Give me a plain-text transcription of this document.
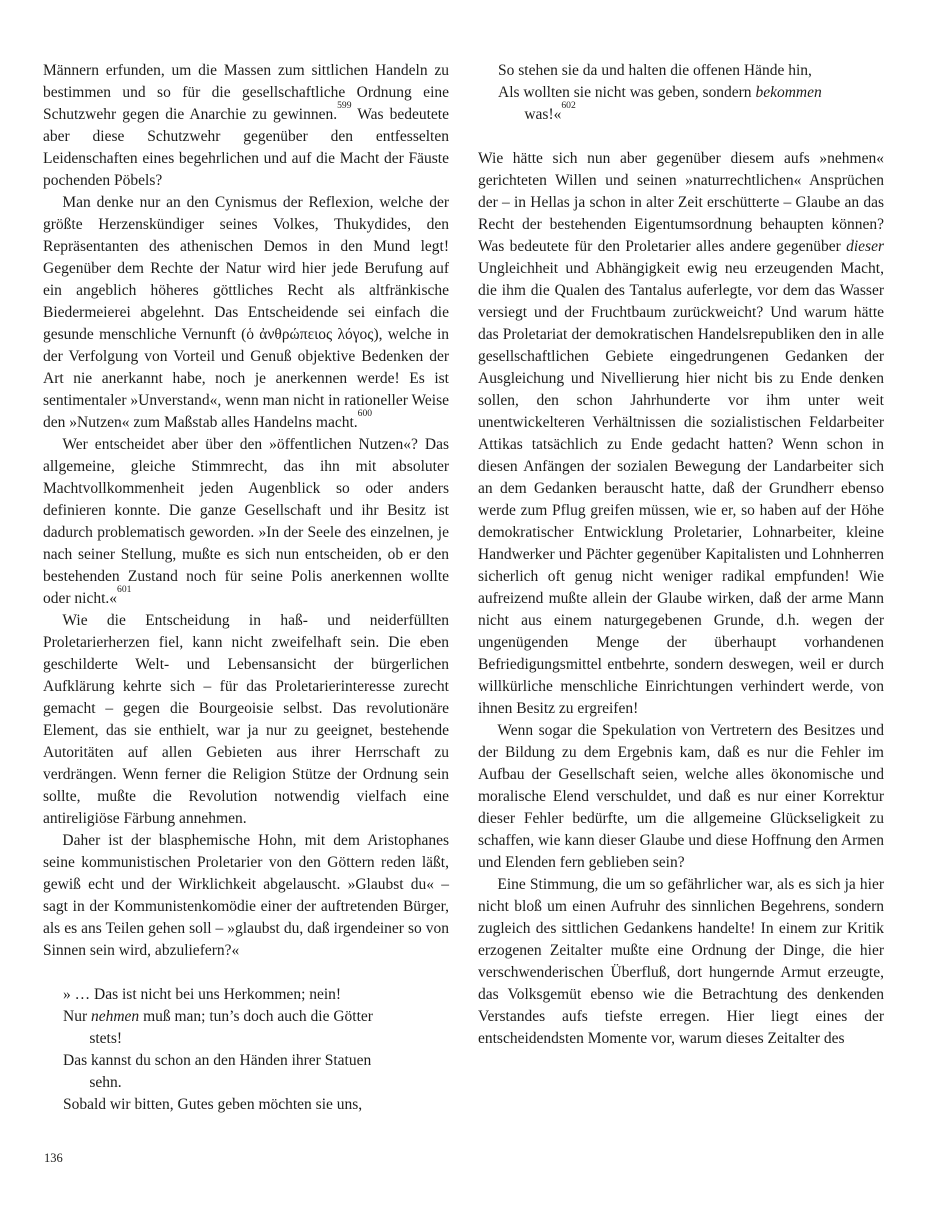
Männern erfunden, um die Massen zum sittlichen Handeln zu bestimmen und so für die gesellschaftliche Ordnung eine Schutzwehr gegen die Anarchie zu gewinnen.$^{599}$ Was bedeutete aber diese Schutzwehr gegenüber den entfesselten Leidenschaften eines begehrlichen und auf die Macht der Fäuste pochenden Pöbels?

Man denke nur an den Cynismus der Reflexion, welche der größte Herzenskündiger seines Volkes, Thukydides, den Repräsentanten des athenischen Demos in den Mund legt! Gegenüber dem Rechte der Natur wird hier jede Berufung auf ein angeblich höheres göttliches Recht als altfränkische Biedermeierei abgelehnt. Das Entscheidende sei einfach die gesunde menschliche Vernunft (ὁ ἀνθρώπειος λόγος), welche in der Verfolgung von Vorteil und Genuß objektive Bedenken der Art nie anerkannt habe, noch je anerkennen werde! Es ist sentimentaler »Unverstand«, wenn man nicht in rationeller Weise den »Nutzen« zum Maßstab alles Handelns macht.$^{600}$

Wer entscheidet aber über den »öffentlichen Nutzen«? Das allgemeine, gleiche Stimmrecht, das ihn mit absoluter Machtvollkommenheit jeden Augenblick so oder anders definieren konnte. Die ganze Gesellschaft und ihr Besitz ist dadurch problematisch geworden. »In der Seele des einzelnen, je nach seiner Stellung, mußte es sich nun entscheiden, ob er den bestehenden Zustand noch für seine Polis anerkennen wollte oder nicht.«$^{601}$

Wie die Entscheidung in haß- und neiderfüllten Proletarierherzen fiel, kann nicht zweifelhaft sein. Die eben geschilderte Welt- und Lebensansicht der bürgerlichen Aufklärung kehrte sich – für das Proletarierinteresse zurecht gemacht – gegen die Bourgeoisie selbst. Das revolutionäre Element, das sie enthielt, war ja nur zu geeignet, bestehende Autoritäten auf allen Gebieten aus ihrer Herrschaft zu verdrängen. Wenn ferner die Religion Stütze der Ordnung sein sollte, mußte die Revolution notwendig vielfach eine antireligiöse Färbung annehmen.

Daher ist der blasphemische Hohn, mit dem Aristophanes seine kommunistischen Proletarier von den Göttern reden läßt, gewiß echt und der Wirklichkeit abgelauscht. »Glaubst du« – sagt in der Kommunistenkomödie einer der auftretenden Bürger, als es ans Teilen gehen soll – »glaubst du, daß irgendeiner so von Sinnen sein wird, abzuliefern?«

» … Das ist nicht bei uns Herkommen; nein!
Nur nehmen muß man; tun’s doch auch die Götter
stets!
Das kannst du schon an den Händen ihrer Statuen
sehn.
Sobald wir bitten, Gutes geben möchten sie uns,
So stehen sie da und halten die offenen Hände hin,
Als wollten sie nicht was geben, sondern bekommen
was!«$^{602}$

Wie hätte sich nun aber gegenüber diesem aufs »nehmen« gerichteten Willen und seinen »naturrechtlichen« Ansprüchen der – in Hellas ja schon in alter Zeit erschütterte – Glaube an das Recht der bestehenden Eigentumsordnung behaupten können? Was bedeutete für den Proletarier alles andere gegenüber dieser Ungleichheit und Abhängigkeit ewig neu erzeugenden Macht, die ihm die Qualen des Tantalus auferlegte, vor dem das Wasser versiegt und der Fruchtbaum zurückweicht? Und warum hätte das Proletariat der demokratischen Handelsrepubliken den in alle gesellschaftlichen Gebiete eingedrungenen Gedanken der Ausgleichung und Nivellierung hier nicht bis zu Ende denken sollen, den schon Jahrhunderte vor ihm unter weit unentwickelteren Verhältnissen die sozialistischen Feldarbeiter Attikas tatsächlich zu Ende gedacht hatten? Wenn schon in diesen Anfängen der sozialen Bewegung der Landarbeiter sich an dem Gedanken berauscht hatte, daß der Grundherr ebenso werde zum Pflug greifen müssen, wie er, so haben auf der Höhe demokratischer Entwicklung Proletarier, Lohnarbeiter, kleine Handwerker und Pächter gegenüber Kapitalisten und Lohnherren sicherlich oft genug nicht weniger radikal empfunden! Wie aufreizend mußte allein der Glaube wirken, daß der arme Mann nicht aus einem naturgegebenen Grunde, d.h. wegen der ungenügenden Menge der überhaupt vorhandenen Befriedigungsmittel entbehrte, sondern deswegen, weil er durch willkürliche menschliche Einrichtungen verhindert werde, von ihnen Besitz zu ergreifen!

Wenn sogar die Spekulation von Vertretern des Besitzes und der Bildung zu dem Ergebnis kam, daß es nur die Fehler im Aufbau der Gesellschaft seien, welche alles ökonomische und moralische Elend verschuldet, und daß es nur einer Korrektur dieser Fehler bedürfte, um die allgemeine Glückseligkeit zu schaffen, wie kann dieser Glaube und diese Hoffnung den Armen und Elenden fern geblieben sein?

Eine Stimmung, die um so gefährlicher war, als es sich ja hier nicht bloß um einen Aufruhr des sinnlichen Begehrens, sondern zugleich des sittlichen Gedankens handelte! In einem zur Kritik erzogenen Zeitalter mußte eine Ordnung der Dinge, die hier verschwenderischen Überfluß, dort hungernde Armut erzeugte, das Volksgemüt ebenso wie die Betrachtung des denkenden Verstandes aufs tiefste erregen. Hier liegt eines der entscheidendsten Momente vor, warum dieses Zeitalter des

136
